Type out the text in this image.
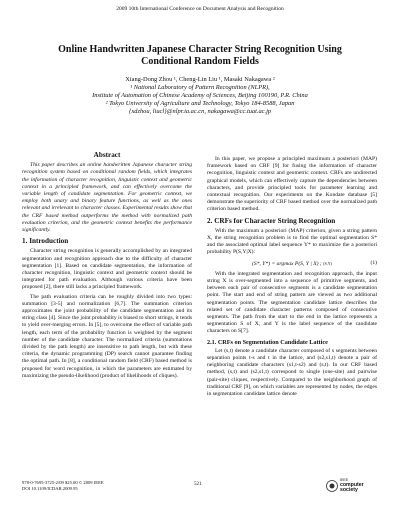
2009 10th International Conference on Document Analysis and Recognition
Online Handwritten Japanese Character String Recognition Using
Conditional Random Fields
Xiang-Dong Zhou ¹, Cheng-Lin Liu ¹, Masaki Nakagawa ²
¹ National Laboratory of Pattern Recognition (NLPR),
Institute of Automation of Chinese Academy of Sciences, Beijing 100190, P.R. China
² Tokyo University of Agriculture and Technology, Tokyo 184-8588, Japan
{xdzhou, liucl}@nlpr.ia.ac.cn, nakagawa@cc.tuat.ac.jp
Abstract

This paper describes an online handwritten Japanese character string recognition system based on conditional random fields, which integrates the information of character recognition, linguistic context and geometric context in a principled framework, and can effectively overcome the variable length of candidate segmentation. For geometric context, we employ both unary and binary feature functions, as well as the ones relevant and irrelevant to character classes. Experimental results show that the CRF based method outperforms the method with normalized path evaluation criterion, and the geometric context benefits the performance significantly.

1. Introduction

Character string recognition is generally accomplished by an integrated segmentation and recognition approach due to the difficulty of character segmentation [1]. Based on candidate segmentation, the information of character recognition, linguistic context and geometric context should be integrated for path evaluation. Although various criteria have been proposed [2], there still lacks a principled framework.

The path evaluation criteria can be roughly divided into two types: summation [3-5] and normalization [6,7]. The summation criterion approximates the joint probability of the candidate segmentation and its string class [4]. Since the joint probability is biased to short strings, it tends to yield over-merging errors. In [5], to overcome the effect of variable path length, each term of the probability function is weighted by the segment number of the candidate character. The normalized criteria (summations divided by the path length) are insensitive to path length, but with these criteria, the dynamic programming (DP) search cannot guarantee finding the optimal path. In [8], a conditional random field (CRF) based method is proposed for word recognition, in which the parameters are estimated by maximizing the pseudo-likelihood (product of likelihoods of cliques).

In this paper, we propose a principled maximum a posteriori (MAP) framework based on CRF [9] for fusing the information of character recognition, linguistic context and geometric context. CRFs are undirected graphical models, which can effectively capture the dependencies between characters, and provide principled tools for parameter learning and contextual recognition. Our experiments on the Kondate database [5] demonstrate the superiority of CRF based method over the normalized path criterion based method.

2. CRFs for Character String Recognition

With the maximum a posteriori (MAP) criterion, given a string pattern X, the string recognition problem is to find the optimal segmentation S* and the associated optimal label sequence Y* to maximize the a posteriori probability P(S,Y|X):

(S*, Y*) = argmax P(S, Y | X) ; (S,Y)	(1)

With the integrated segmentation and recognition approach, the input string X is over-segmented into a sequence of primitive segments, and between each pair of consecutive segments is a candidate segmentation point. The start and end of string pattern are viewed as two additional segmentation points. The segmentation candidate lattice describes the related set of candidate character patterns composed of consecutive segments. The path from the start to the end in the lattice represents a segmentation S of X, and Y is the label sequence of the candidate characters on S[7].

2.1. CRFs on Segmentation Candidate Lattice

Let (s,t) denote a candidate character composed of s segments between separation points t-s and t in the lattice, and (s2,s1,t) denote a pair of neighboring candidate characters (s1,t-s2) and (s,t). In our CRF based method, (s,t) and (s2,s1,t) correspond to single (one-site) and pairwise (pair-site) cliques, respectively. Compared to the neighborhood graph of traditional CRF [9], on which variables are represented by nodes, the edges in segmentation candidate lattice denote

978-0-7695-3725-2/09 $25.00 © 2009 IEEE
DOI 10.1109/ICDAR.2009.95
521
IEEE
computer
society
